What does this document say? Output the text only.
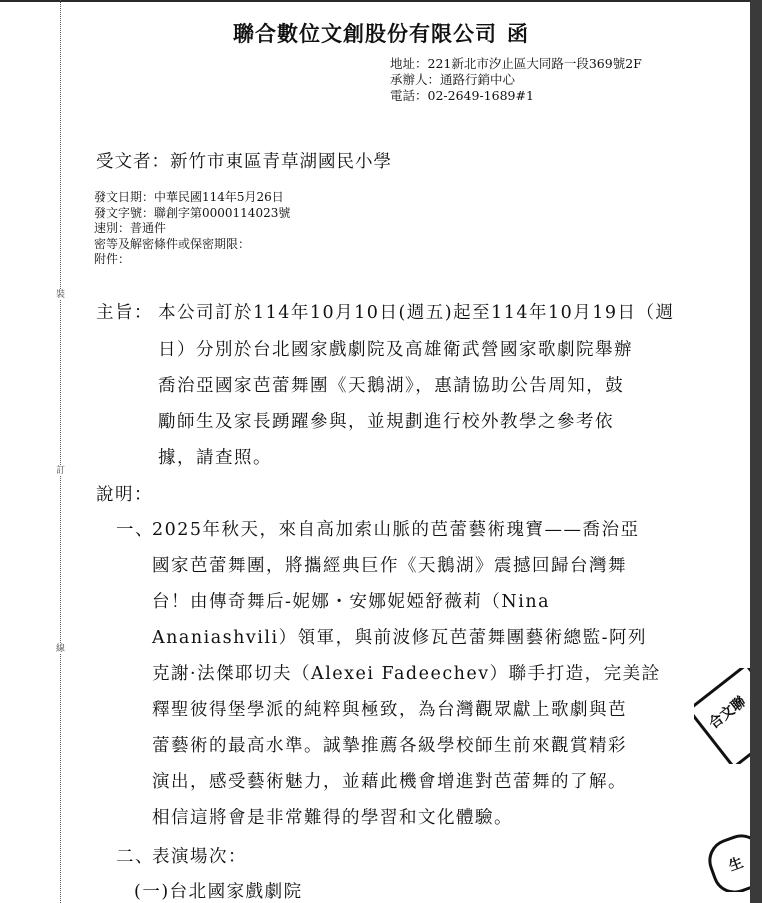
裝
訂
線
聯合數位文創股份有限公司 函
地址：221新北市汐止區大同路一段369號2F
承辦人：通路行銷中心
電話：02-2649-1689#1
受文者：新竹市東區青草湖國民小學
發文日期：中華民國114年5月26日
發文字號：聯創字第0000114023號
速別：普通件
密等及解密條件或保密期限：
附件：
主旨： 本公司訂於114年10月10日(週五)起至114年10月19日（週
日）分別於台北國家戲劇院及高雄衛武營國家歌劇院舉辦
喬治亞國家芭蕾舞團《天鵝湖》，惠請協助公告周知，鼓
勵師生及家長踴躍參與，並規劃進行校外教學之參考依
據，請查照。
說明：
一、
2025年秋天，來自高加索山脈的芭蕾藝術瑰寶——喬治亞
國家芭蕾舞團，將攜經典巨作《天鵝湖》震撼回歸台灣舞
台！由傳奇舞后-妮娜・安娜妮婭舒薇莉（Nina
Ananiashvili）領軍，與前波修瓦芭蕾舞團藝術總監-阿列
克謝·法傑耶切夫（Alexei Fadeechev）聯手打造，完美詮
釋聖彼得堡學派的純粹與極致，為台灣觀眾獻上歌劇與芭
蕾藝術的最高水準。誠摯推薦各級學校師生前來觀賞精彩
演出，感受藝術魅力，並藉此機會增進對芭蕾舞的了解。
相信這將會是非常難得的學習和文化體驗。
二、
表演場次：
(一)台北國家戲劇院
合文聯
生
